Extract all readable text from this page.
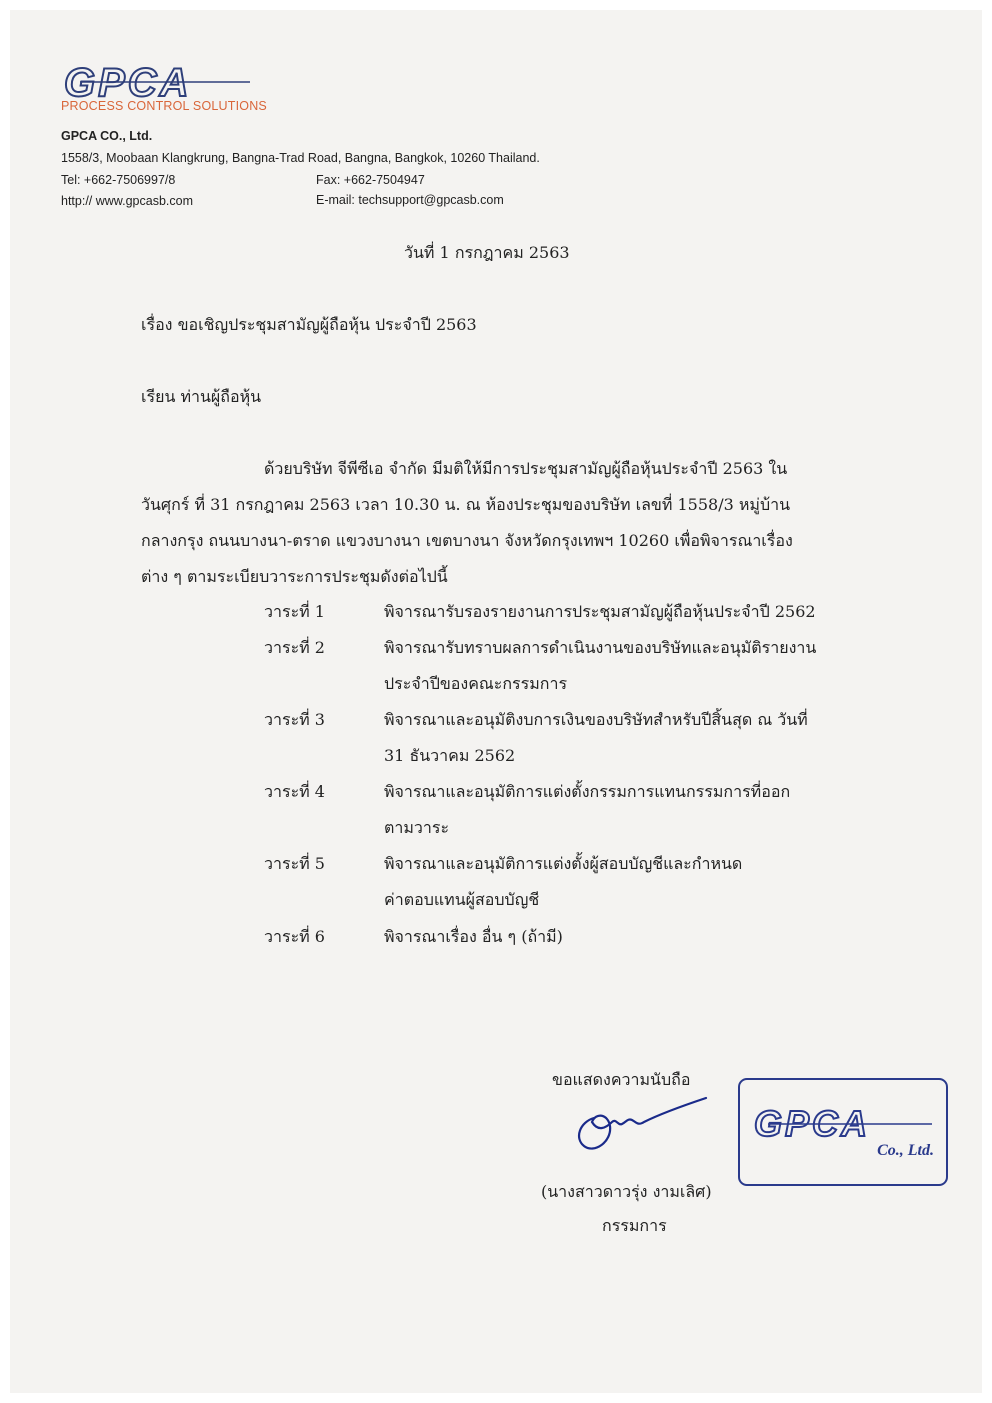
GPCA
PROCESS CONTROL SOLUTIONS
GPCA CO., Ltd.
1558/3, Moobaan Klangkrung, Bangna-Trad Road, Bangna, Bangkok, 10260 Thailand.
Tel: +662-7506997/8	Fax: +662-7504947
http:// www.gpcasb.com	E-mail: techsupport@gpcasb.com
วันที่ 1 กรกฎาคม 2563
เรื่อง ขอเชิญประชุมสามัญผู้ถือหุ้น ประจำปี 2563
เรียน ท่านผู้ถือหุ้น
ด้วยบริษัท จีพีซีเอ จำกัด มีมติให้มีการประชุมสามัญผู้ถือหุ้นประจำปี 2563 ใน
วันศุกร์ ที่ 31 กรกฎาคม 2563 เวลา 10.30 น. ณ ห้องประชุมของบริษัท เลขที่ 1558/3 หมู่บ้าน
กลางกรุง ถนนบางนา-ตราด แขวงบางนา เขตบางนา จังหวัดกรุงเทพฯ 10260 เพื่อพิจารณาเรื่อง
ต่าง ๆ ตามระเบียบวาระการประชุมดังต่อไปนี้
วาระที่ 1	พิจารณารับรองรายงานการประชุมสามัญผู้ถือหุ้นประจำปี 2562
วาระที่ 2	พิจารณารับทราบผลการดำเนินงานของบริษัทและอนุมัติรายงาน
ประจำปีของคณะกรรมการ
วาระที่ 3	พิจารณาและอนุมัติงบการเงินของบริษัทสำหรับปีสิ้นสุด ณ วันที่
31 ธันวาคม 2562
วาระที่ 4	พิจารณาและอนุมัติการแต่งตั้งกรรมการแทนกรรมการที่ออก
ตามวาระ
วาระที่ 5	พิจารณาและอนุมัติการแต่งตั้งผู้สอบบัญชีและกำหนด
ค่าตอบแทนผู้สอบบัญชี
วาระที่ 6	พิจารณาเรื่อง อื่น ๆ (ถ้ามี)
ขอแสดงความนับถือ
(นางสาวดาวรุ่ง งามเลิศ)
กรรมการ
GPCA
Co., Ltd.
